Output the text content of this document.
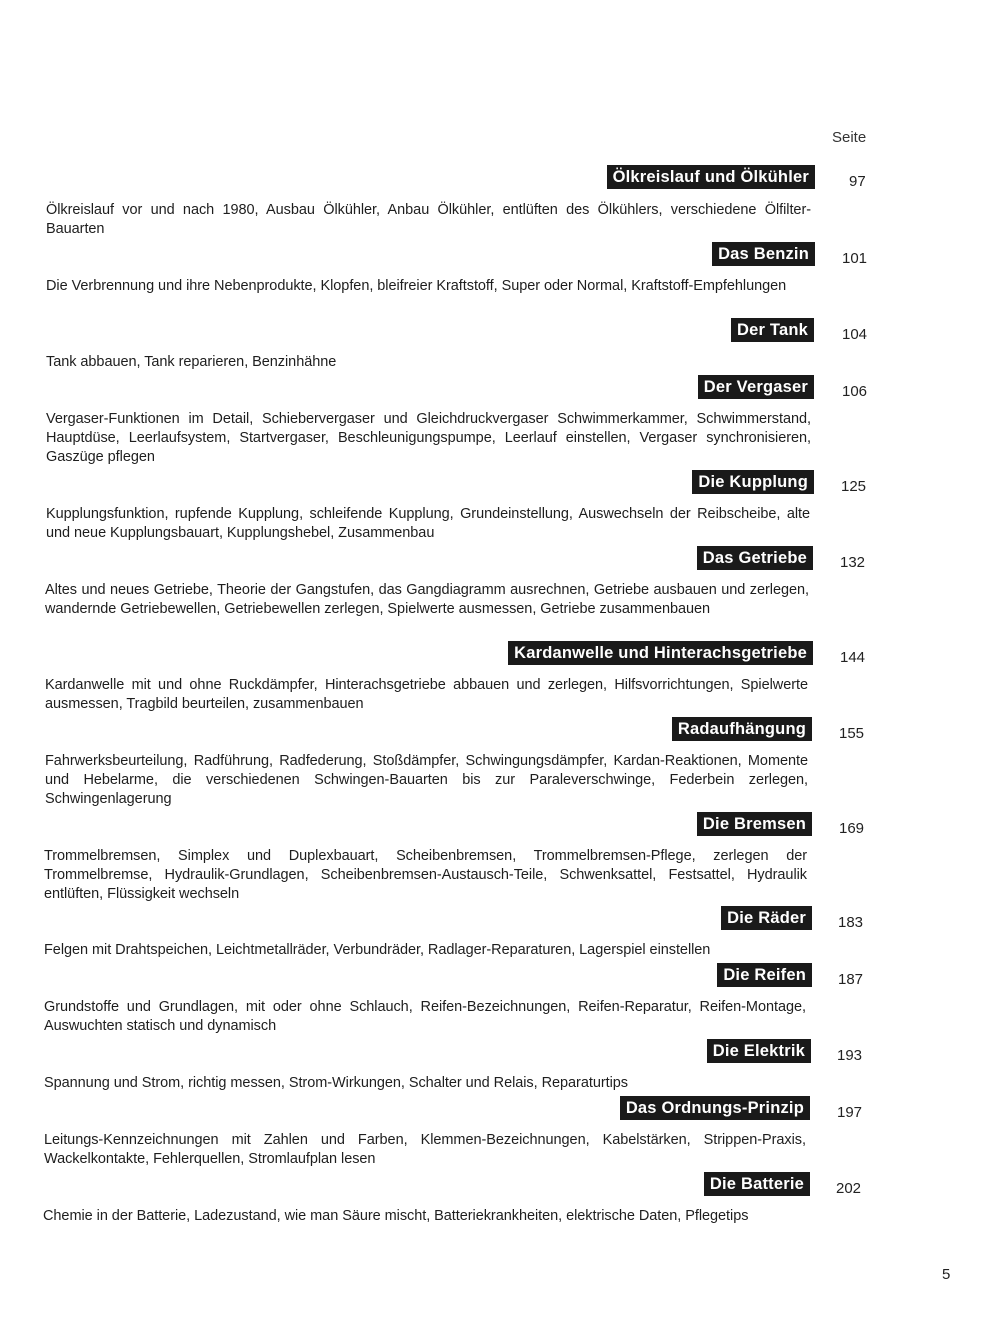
Seite
Ölkreislauf und Ölkühler	97
Ölkreislauf vor und nach 1980, Ausbau Ölkühler, Anbau Ölkühler, entlüften des Ölkühlers, verschiedene Ölfilter-Bauarten
Das Benzin	101
Die Verbrennung und ihre Nebenprodukte, Klopfen, bleifreier Kraftstoff, Super oder Normal, Kraftstoff-Empfehlungen
Der Tank	104
Tank abbauen, Tank reparieren, Benzinhähne
Der Vergaser	106
Vergaser-Funktionen im Detail, Schiebervergaser und Gleichdruckvergaser Schwimmerkammer, Schwimmerstand, Hauptdüse, Leerlaufsystem, Startvergaser, Beschleunigungspumpe, Leerlauf einstellen, Vergaser synchronisieren, Gaszüge pflegen
Die Kupplung	125
Kupplungsfunktion, rupfende Kupplung, schleifende Kupplung, Grundeinstellung, Auswechseln der Reibscheibe, alte und neue Kupplungsbauart, Kupplungshebel, Zusammenbau
Das Getriebe	132
Altes und neues Getriebe, Theorie der Gangstufen, das Gangdiagramm ausrechnen, Getriebe ausbauen und zerlegen, wandernde Getriebewellen, Getriebewellen zerlegen, Spielwerte ausmessen, Getriebe zusammenbauen
Kardanwelle und Hinterachsgetriebe	144
Kardanwelle mit und ohne Ruckdämpfer, Hinterachsgetriebe abbauen und zerlegen, Hilfsvorrichtungen, Spielwerte ausmessen, Tragbild beurteilen, zusammenbauen
Radaufhängung	155
Fahrwerksbeurteilung, Radführung, Radfederung, Stoßdämpfer, Schwingungsdämpfer, Kardan-Reaktionen, Momente und Hebelarme, die verschiedenen Schwingen-Bauarten bis zur Paraleverschwinge, Federbein zerlegen, Schwingenlagerung
Die Bremsen	169
Trommelbremsen, Simplex und Duplexbauart, Scheibenbremsen, Trommelbremsen-Pflege, zerlegen der Trommelbremse, Hydraulik-Grundlagen, Scheibenbremsen-Austausch-Teile, Schwenksattel, Festsattel, Hydraulik entlüften, Flüssigkeit wechseln
Die Räder	183
Felgen mit Drahtspeichen, Leichtmetallräder, Verbundräder, Radlager-Reparaturen, Lagerspiel einstellen
Die Reifen	187
Grundstoffe und Grundlagen, mit oder ohne Schlauch, Reifen-Bezeichnungen, Reifen-Reparatur, Reifen-Montage, Auswuchten statisch und dynamisch
Die Elektrik	193
Spannung und Strom, richtig messen, Strom-Wirkungen, Schalter und Relais, Reparaturtips
Das Ordnungs-Prinzip	197
Leitungs-Kennzeichnungen mit Zahlen und Farben, Klemmen-Bezeichnungen, Kabelstärken, Strippen-Praxis, Wackelkontakte, Fehlerquellen, Stromlaufplan lesen
Die Batterie	202
Chemie in der Batterie, Ladezustand, wie man Säure mischt, Batteriekrankheiten, elektrische Daten, Pflegetips
5
